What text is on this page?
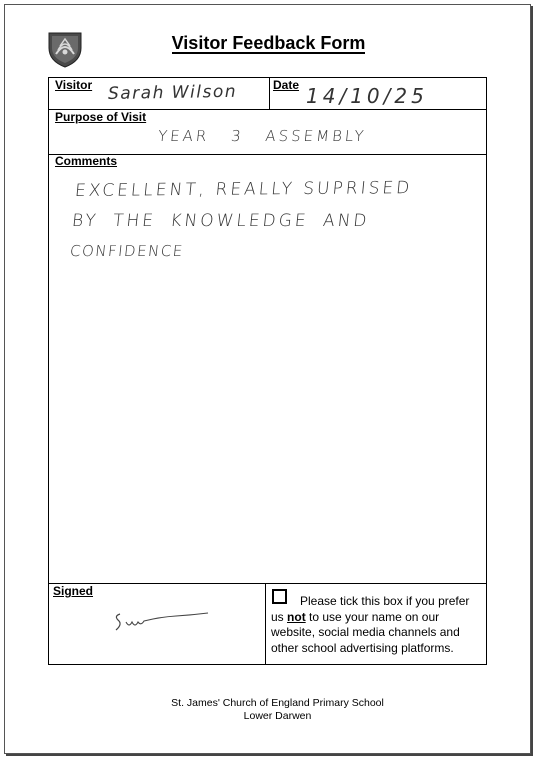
Visitor Feedback Form
Visitor Sarah Wilson	Date 14/10/25
Purpose of Visit
YEAR 3 ASSEMBLY
Comments
EXCELLENT, REALLY SUPRISED
BY THE KNOWLEDGE AND
CONFIDENCE
Signed
Please tick this box if you prefer us not to use your name on our website, social media channels and other school advertising platforms.
St. James' Church of England Primary School
Lower Darwen
